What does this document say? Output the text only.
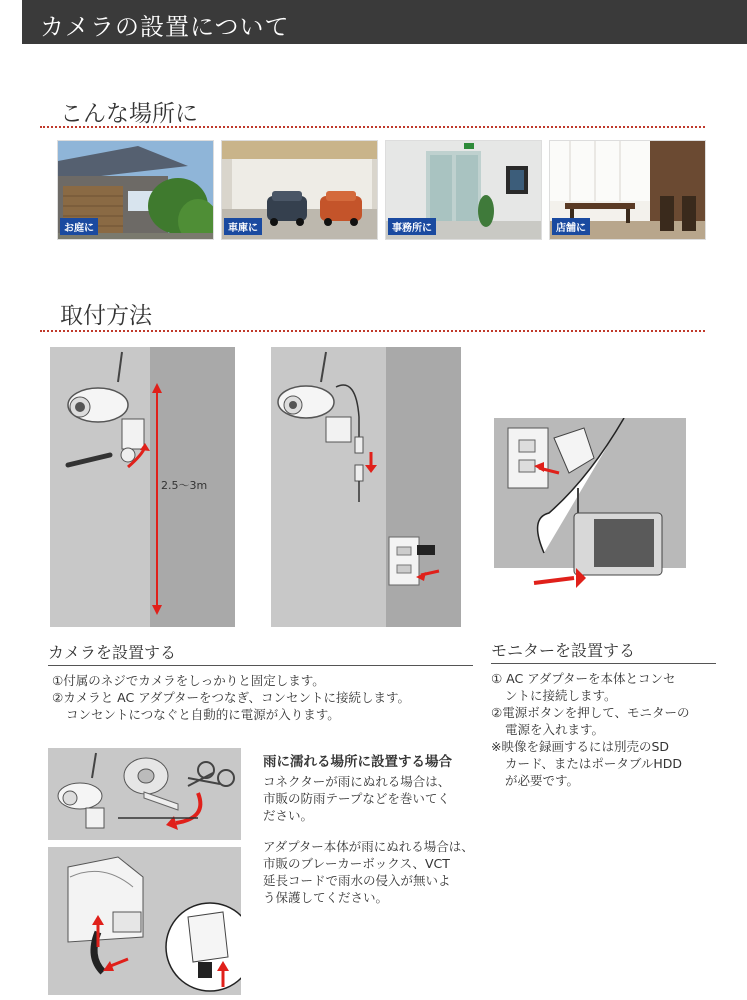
カメラの設置について
こんな場所に
お庭に	車庫に	事務所に	店舗に
取付方法
2.5～3m
カメラを設置する

①付属のネジでカメラをしっかりと固定します。

②カメラと AC アダプターをつなぎ、コンセントに接続します。

コンセントにつなぐと自動的に電源が入ります。

モニターを設置する

① AC アダプターを本体とコンセ

ントに接続します。

②電源ボタンを押して、モニターの

電源を入れます。

※映像を録画するには別売のSD

カード、またはポータブルHDD

が必要です。

雨に濡れる場所に設置する場合

コネクターが雨にぬれる場合は、

市販の防雨テープなどを巻いてく

ださい。

アダプター本体が雨にぬれる場合は、

市販のブレーカーボックス、VCT

延長コードで雨水の侵入が無いよ

う保護してください。
